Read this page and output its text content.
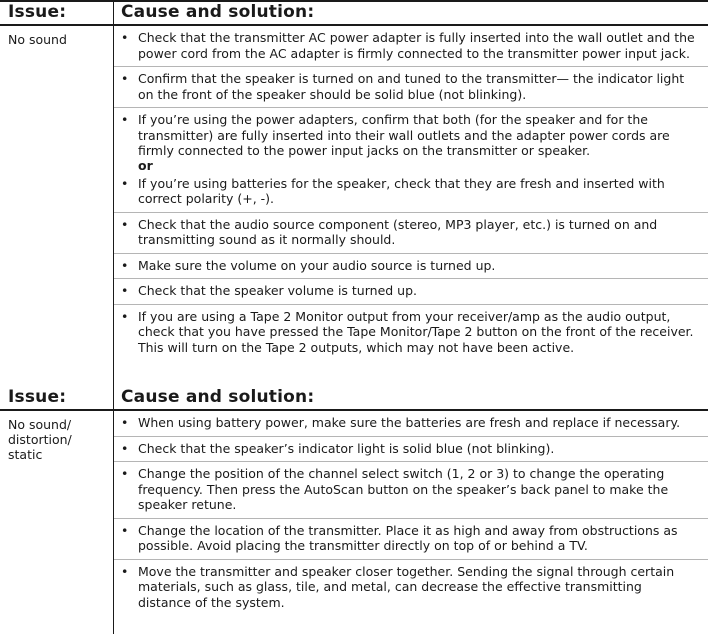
Issue:	Cause and solution:
No sound	• Check that the transmitter AC power adapter is fully inserted into the wall outlet and the power cord from the AC adapter is firmly connected to the transmitter power input jack.
• Confirm that the speaker is turned on and tuned to the transmitter— the indicator light on the front of the speaker should be solid blue (not blinking).
• If you’re using the power adapters, confirm that both (for the speaker and for the transmitter) are fully inserted into their wall outlets and the adapter power cords are firmly connected to the power input jacks on the transmitter or speaker.
or
• If you’re using batteries for the speaker, check that they are fresh and inserted with correct polarity (+, -).
• Check that the audio source component (stereo, MP3 player, etc.) is turned on and transmitting sound as it normally should.
• Make sure the volume on your audio source is turned up.
• Check that the speaker volume is turned up.
• If you are using a Tape 2 Monitor output from your receiver/amp as the audio output, check that you have pressed the Tape Monitor/Tape 2 button on the front of the receiver. This will turn on the Tape 2 outputs, which may not have been active.
Issue:	Cause and solution:
No sound/
distortion/
static
• When using battery power, make sure the batteries are fresh and replace if necessary.
• Check that the speaker’s indicator light is solid blue (not blinking).
• Change the position of the channel select switch (1, 2 or 3) to change the operating frequency. Then press the AutoScan button on the speaker’s back panel to make the speaker retune.
• Change the location of the transmitter. Place it as high and away from obstructions as possible. Avoid placing the transmitter directly on top of or behind a TV.
• Move the transmitter and speaker closer together. Sending the signal through certain materials, such as glass, tile, and metal, can decrease the effective transmitting distance of the system.
